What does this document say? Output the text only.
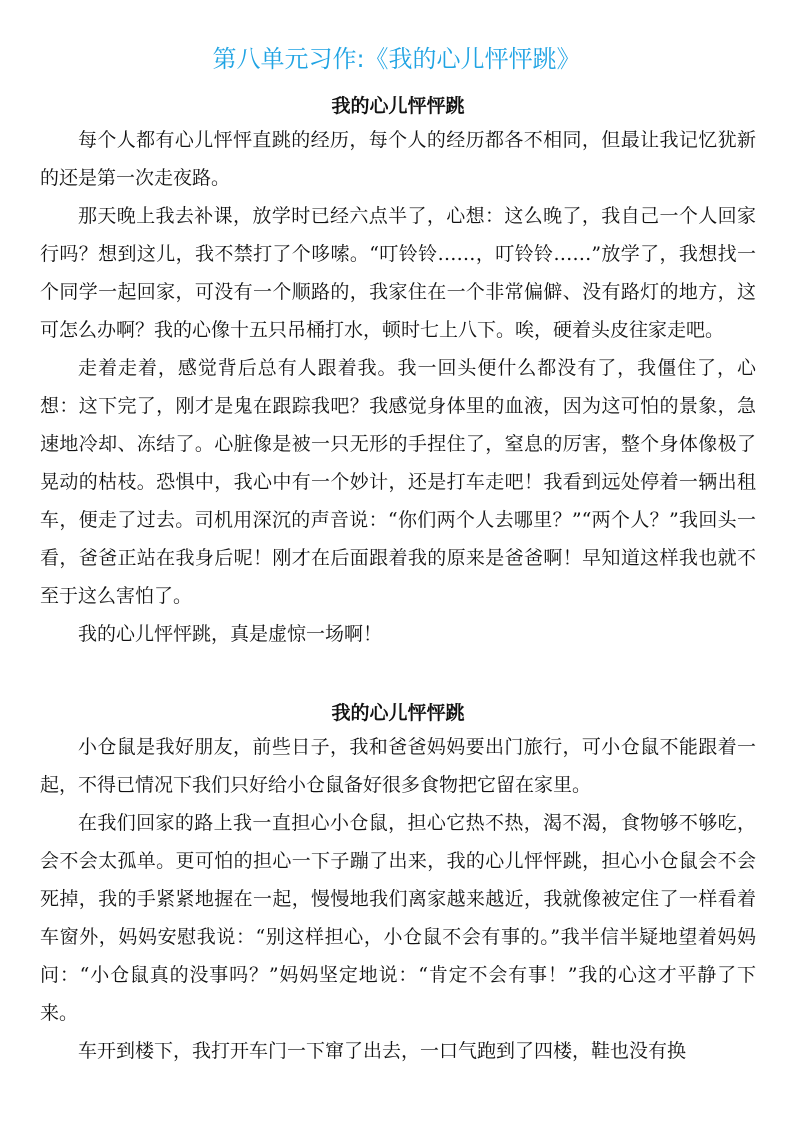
第八单元习作:《我的心儿怦怦跳》
我的心儿怦怦跳

每个人都有心儿怦怦直跳的经历，每个人的经历都各不相同，但最让我记忆犹新的还是第一次走夜路。

那天晚上我去补课，放学时已经六点半了，心想：这么晚了，我自己一个人回家行吗？想到这儿，我不禁打了个哆嗦。“叮铃铃……，叮铃铃……”放学了，我想找一个同学一起回家，可没有一个顺路的，我家住在一个非常偏僻、没有路灯的地方，这可怎么办啊？我的心像十五只吊桶打水，顿时七上八下。唉，硬着头皮往家走吧。

走着走着，感觉背后总有人跟着我。我一回头便什么都没有了，我僵住了，心想：这下完了，刚才是鬼在跟踪我吧？我感觉身体里的血液，因为这可怕的景象，急速地冷却、冻结了。心脏像是被一只无形的手捏住了，窒息的厉害，整个身体像极了晃动的枯枝。恐惧中，我心中有一个妙计，还是打车走吧！我看到远处停着一辆出租车，便走了过去。司机用深沉的声音说：“你们两个人去哪里？”“两个人？”我回头一看，爸爸正站在我身后呢！刚才在后面跟着我的原来是爸爸啊！早知道这样我也就不至于这么害怕了。

我的心儿怦怦跳，真是虚惊一场啊！

我的心儿怦怦跳

小仓鼠是我好朋友，前些日子，我和爸爸妈妈要出门旅行，可小仓鼠不能跟着一起，不得已情况下我们只好给小仓鼠备好很多食物把它留在家里。

在我们回家的路上我一直担心小仓鼠，担心它热不热，渴不渴，食物够不够吃，会不会太孤单。更可怕的担心一下子蹦了出来，我的心儿怦怦跳，担心小仓鼠会不会死掉，我的手紧紧地握在一起，慢慢地我们离家越来越近，我就像被定住了一样看着车窗外，妈妈安慰我说：“别这样担心，小仓鼠不会有事的。”我半信半疑地望着妈妈问：“小仓鼠真的没事吗？”妈妈坚定地说：“肯定不会有事！”我的心这才平静了下来。

车开到楼下，我打开车门一下窜了出去，一口气跑到了四楼，鞋也没有换
